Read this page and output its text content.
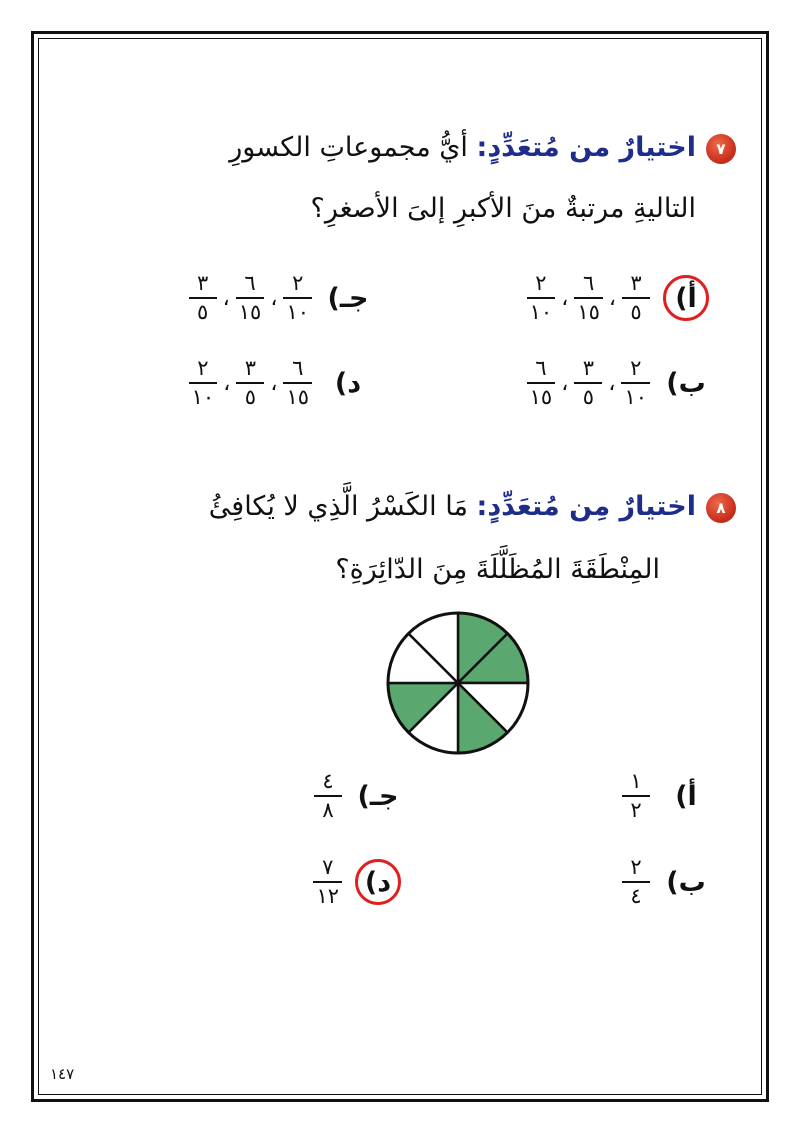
٧
اختيارٌ من مُتعَدِّدٍ: أيُّ مجموعاتِ الكسورِ
التاليةِ مرتبةٌ منَ الأكبرِ إلىَ الأصغرِ؟
أ)
$\frac{٣}{٥}$
،
$\frac{٦}{١٥}$
،
$\frac{٢}{١٠}$
ب)
$\frac{٢}{١٠}$
،
$\frac{٣}{٥}$
،
$\frac{٦}{١٥}$
جـ)
$\frac{٢}{١٠}$
،
$\frac{٦}{١٥}$
،
$\frac{٣}{٥}$
د)
$\frac{٦}{١٥}$
،
$\frac{٣}{٥}$
،
$\frac{٢}{١٠}$
٨
اختيارٌ مِن مُتعَدِّدٍ: مَا الكَسْرُ الَّذِي لا يُكافِئُ
المِنْطَقَةَ المُظَلَّلَةَ مِنَ الدّائِرَةِ؟
أ)
$\frac{١}{٢}$
ب)
$\frac{٢}{٤}$
جـ)
$\frac{٤}{٨}$
د)
$\frac{٧}{١٢}$
١٤٧
